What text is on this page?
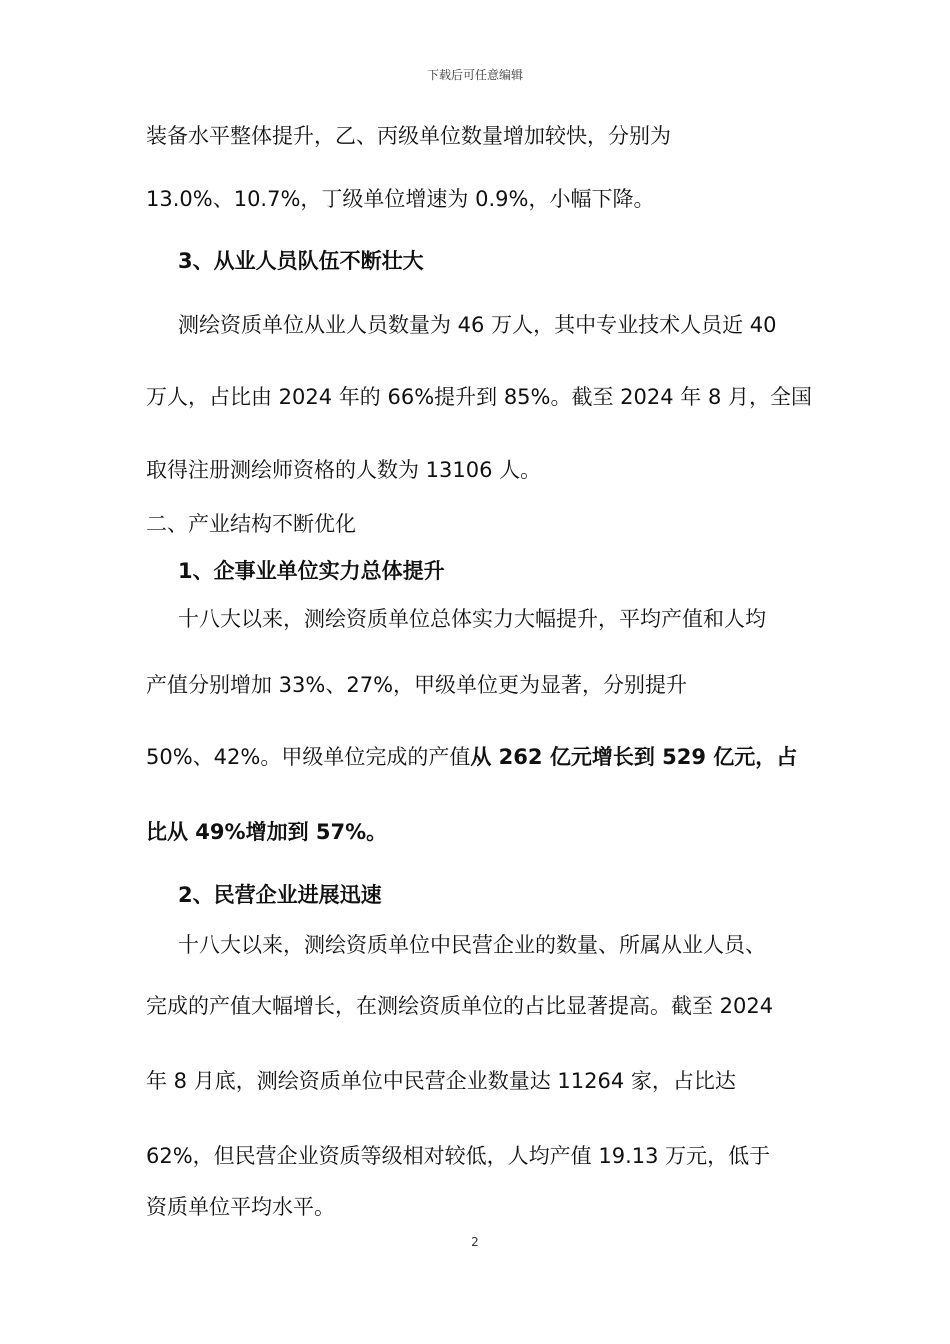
下载后可任意编辑
装备水平整体提升，乙、丙级单位数量增加较快，分别为
13.0%、10.7%，丁级单位增速为 0.9%，小幅下降。
3、从业人员队伍不断壮大
测绘资质单位从业人员数量为 46 万人，其中专业技术人员近 40
万人，占比由 2024 年的 66%提升到 85%。截至 2024 年 8 月，全国
取得注册测绘师资格的人数为 13106 人。
二、产业结构不断优化
1、企事业单位实力总体提升
十八大以来，测绘资质单位总体实力大幅提升，平均产值和人均
产值分别增加 33%、27%，甲级单位更为显著，分别提升
50%、42%。甲级单位完成的产值从 262 亿元增长到 529 亿元，占
比从 49%增加到 57%。
2、民营企业进展迅速
十八大以来，测绘资质单位中民营企业的数量、所属从业人员、
完成的产值大幅增长，在测绘资质单位的占比显著提高。截至 2024
年 8 月底，测绘资质单位中民营企业数量达 11264 家，占比达
62%，但民营企业资质等级相对较低，人均产值 19.13 万元，低于
资质单位平均水平。
2
